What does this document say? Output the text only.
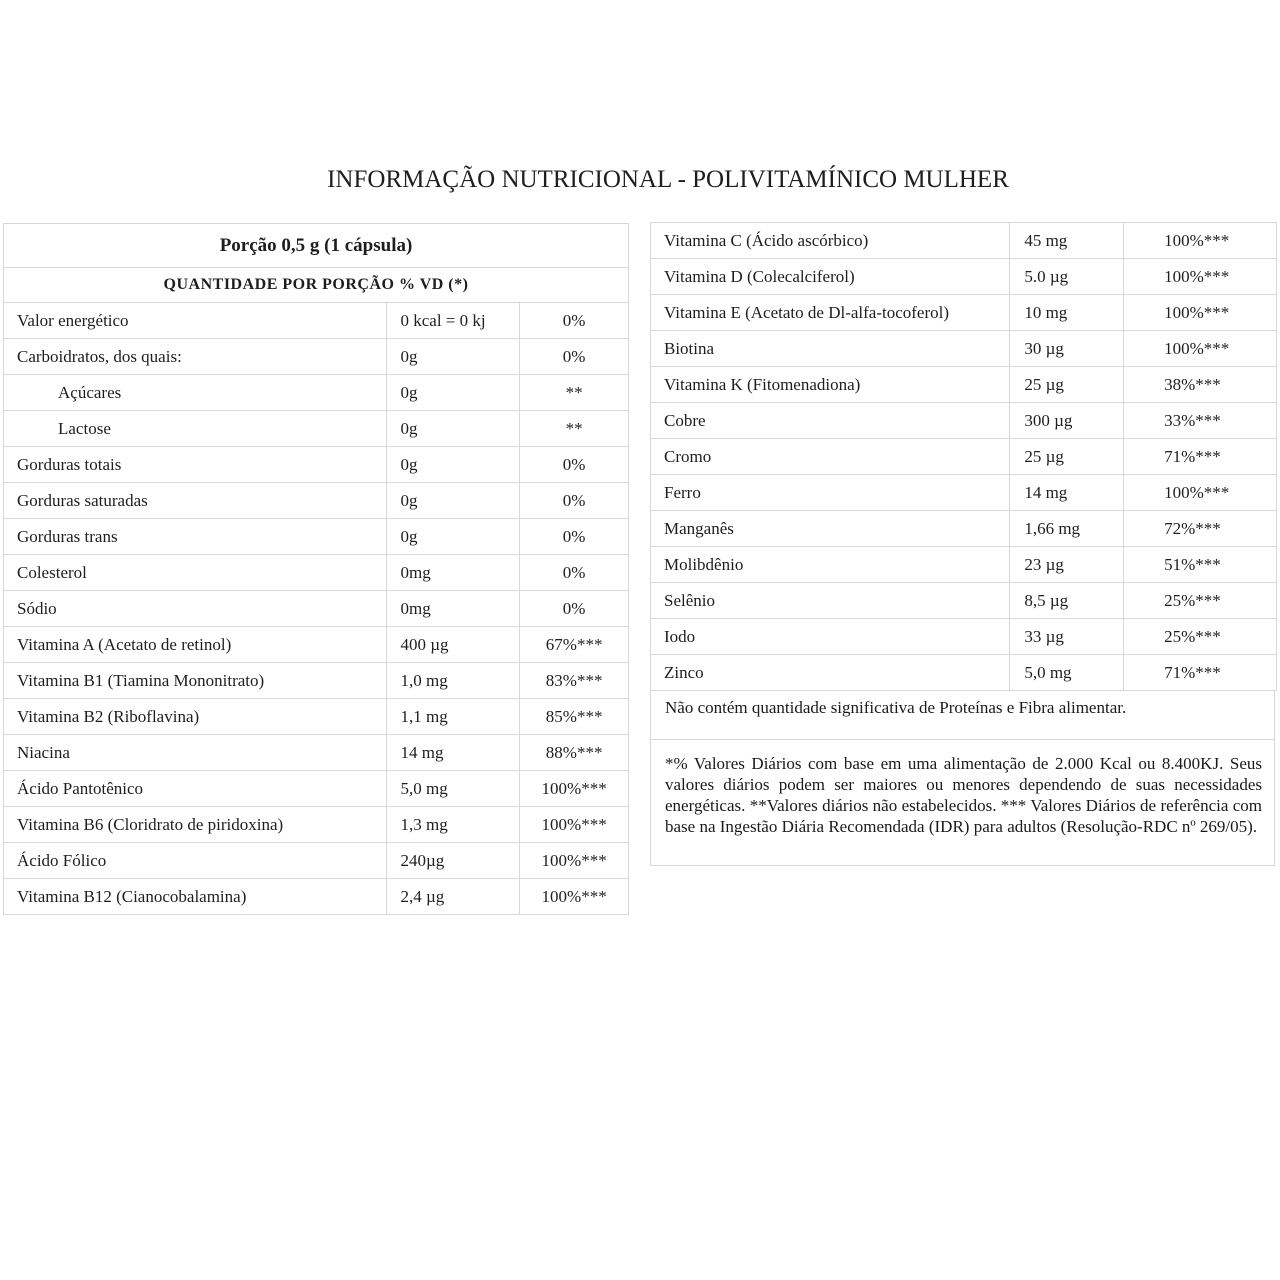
INFORMAÇÃO NUTRICIONAL - POLIVITAMÍNICO MULHER
Porção 0,5 g (1 cápsula)		
QUANTIDADE POR PORÇÃO % VD (*)		
Valor energético	0 kcal = 0 kj	0%
Carboidratos, dos quais:	0g	0%
Açúcares	0g	**
Lactose	0g	**
Gorduras totais	0g	0%
Gorduras saturadas	0g	0%
Gorduras trans	0g	0%
Colesterol	0mg	0%
Sódio	0mg	0%
Vitamina A (Acetato de retinol)	400 µg	67%***
Vitamina B1 (Tiamina Mononitrato)	1,0 mg	83%***
Vitamina B2 (Riboflavina)	1,1 mg	85%***
Niacina	14 mg	88%***
Ácido Pantotênico	5,0 mg	100%***
Vitamina B6 (Cloridrato de piridoxina)	1,3 mg	100%***
Ácido Fólico	240µg	100%***
Vitamina B12 (Cianocobalamina)	2,4 µg	100%***
Vitamina C (Ácido ascórbico)	45 mg	100%***
Vitamina D (Colecalciferol)	5.0 µg	100%***
Vitamina E (Acetato de Dl-alfa-tocoferol)	10 mg	100%***
Biotina	30 µg	100%***
Vitamina K (Fitomenadiona)	25 µg	38%***
Cobre	300 µg	33%***
Cromo	25 µg	71%***
Ferro	14 mg	100%***
Manganês	1,66 mg	72%***
Molibdênio	23 µg	51%***
Selênio	8,5 µg	25%***
Iodo	33 µg	25%***
Zinco	5,0 mg	71%***
Não contém quantidade significativa de Proteínas e Fibra alimentar.
*% Valores Diários com base em uma alimentação de 2.000 Kcal ou 8.400KJ. Seus valores diários podem ser maiores ou menores dependendo de suas necessidades energéticas. **Valores diários não estabelecidos. *** Valores Diários de referência com base na Ingestão Diária Recomendada (IDR) para adultos (Resolução-RDC nº 269/05).
